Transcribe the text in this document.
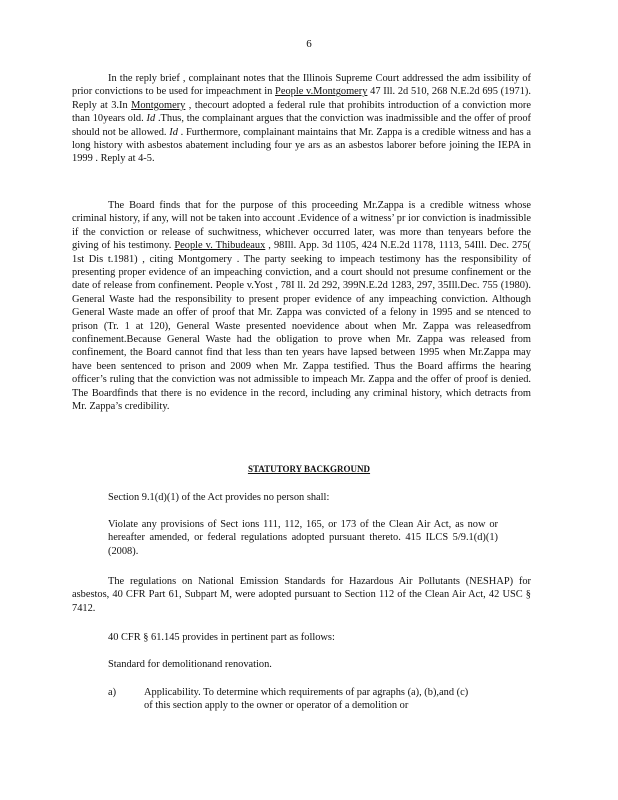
6

In the reply brief , complainant notes that the Illinois Supreme Court addressed the adm issibility of prior convictions to be used for impeachment in People v.Montgomery 47 Ill. 2d 510, 268 N.E.2d 695 (1971). Reply at 3.In Montgomery , thecourt adopted a federal rule that prohibits introduction of a conviction more than 10years old. Id .Thus, the complainant argues that the conviction was inadmissible and the offer of proof should not be allowed. Id . Furthermore, complainant maintains that Mr. Zappa is a credible witness and has a long history with asbestos abatement including four ye ars as an asbestos laborer before joining the IEPA in 1999 . Reply at 4-5.

The Board finds that for the purpose of this proceeding Mr.Zappa is a credible witness whose criminal history, if any, will not be taken into account .Evidence of a witness’ pr ior conviction is inadmissible if the conviction or release of suchwitness, whichever occurred later, was more than tenyears before the giving of his testimony. People v. Thibudeaux , 98Ill. App. 3d 1105, 424 N.E.2d 1178, 1113, 54Ill. Dec. 275( 1st Dis t.1981) , citing Montgomery . The party seeking to impeach testimony has the responsibility of presenting proper evidence of an impeaching conviction, and a court should not presume confinement or the date of release from confinement. People v.Yost , 78I ll. 2d 292, 399N.E.2d 1283, 297, 35Ill.Dec. 755 (1980). General Waste had the responsibility to present proper evidence of any impeaching conviction. Although General Waste made an offer of proof that Mr. Zappa was convicted of a felony in 1995 and se ntenced to prison (Tr. 1 at 120), General Waste presented noevidence about when Mr. Zappa was releasedfrom confinement.Because General Waste had the obligation to prove when Mr. Zappa was released from confinement, the Board cannot find that less than ten years have lapsed between 1995 when Mr.Zappa may have been sentenced to prison and 2009 when Mr. Zappa testified. Thus the Board affirms the hearing officer’s ruling that the conviction was not admissible to impeach Mr. Zappa and the offer of proof is denied. The Boardfinds that there is no evidence in the record, including any criminal history, which detracts from Mr. Zappa’s credibility.

STATUTORY BACKGROUND

Section 9.1(d)(1) of the Act provides no person shall:

Violate any provisions of Sect ions 111, 112, 165, or 173 of the Clean Air Act, as now or hereafter amended, or federal regulations adopted pursuant thereto. 415 ILCS 5/9.1(d)(1) (2008).

The regulations on National Emission Standards for Hazardous Air Pollutants (NESHAP) for asbestos, 40 CFR Part 61, Subpart M, were adopted pursuant to Section 112 of the Clean Air Act, 42 USC § 7412.

40 CFR § 61.145 provides in pertinent part as follows:

Standard for demolitionand renovation.

a)	Applicability. To determine which requirements of par agraphs (a), (b),and (c) of this section apply to the owner or operator of a demolition or
